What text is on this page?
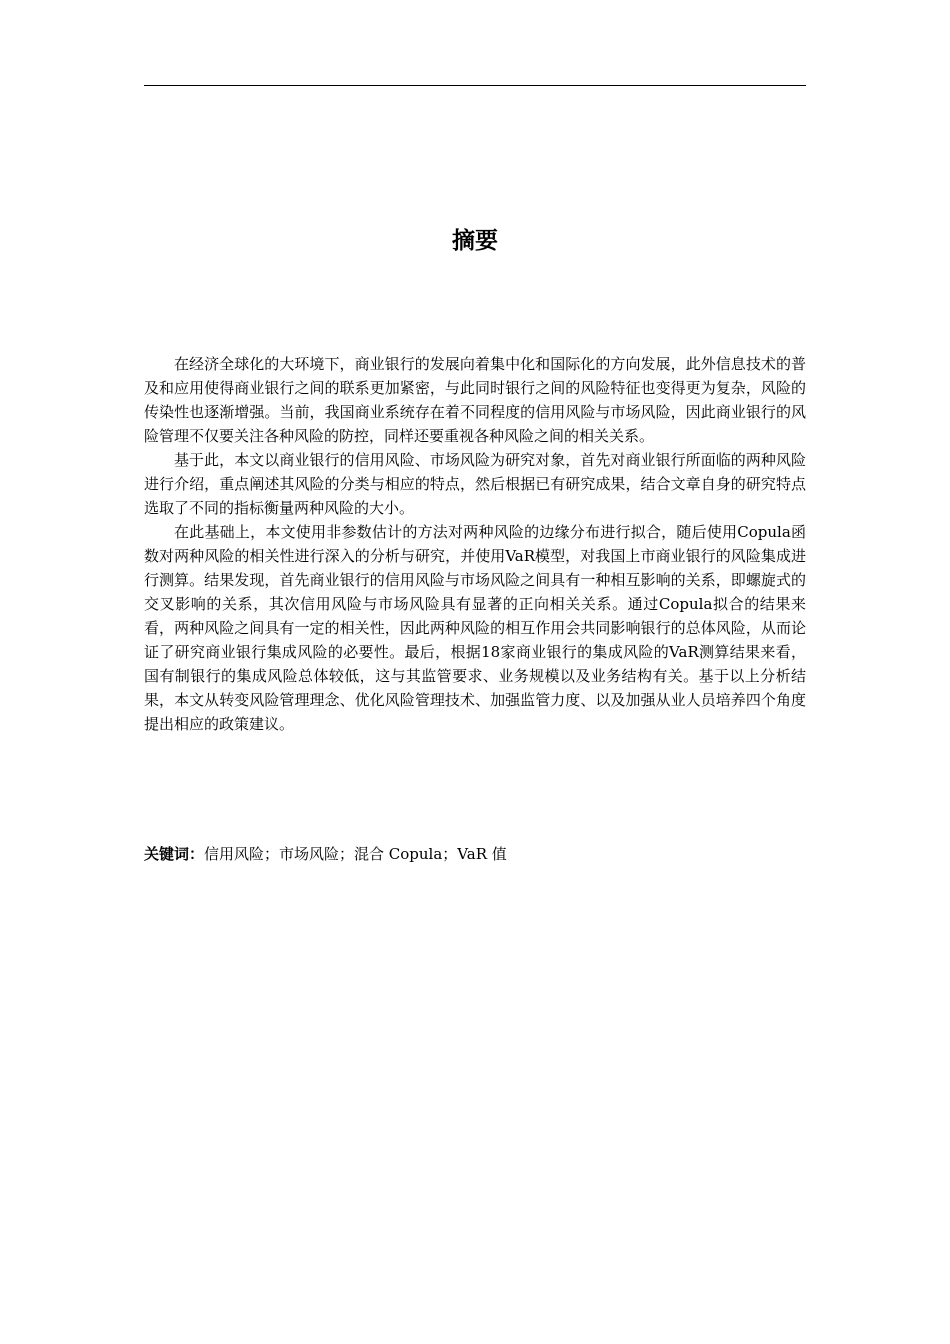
摘要

在经济全球化的大环境下，商业银行的发展向着集中化和国际化的方向发展，此外信息技术的普及和应用使得商业银行之间的联系更加紧密，与此同时银行之间的风险特征也变得更为复杂，风险的传染性也逐渐增强。当前，我国商业系统存在着不同程度的信用风险与市场风险，因此商业银行的风险管理不仅要关注各种风险的防控，同样还要重视各种风险之间的相关关系。

基于此，本文以商业银行的信用风险、市场风险为研究对象，首先对商业银行所面临的两种风险进行介绍，重点阐述其风险的分类与相应的特点，然后根据已有研究成果，结合文章自身的研究特点选取了不同的指标衡量两种风险的大小。

在此基础上，本文使用非参数估计的方法对两种风险的边缘分布进行拟合，随后使用Copula函数对两种风险的相关性进行深入的分析与研究，并使用VaR模型，对我国上市商业银行的风险集成进行测算。结果发现，首先商业银行的信用风险与市场风险之间具有一种相互影响的关系，即螺旋式的交叉影响的关系，其次信用风险与市场风险具有显著的正向相关关系。通过Copula拟合的结果来看，两种风险之间具有一定的相关性，因此两种风险的相互作用会共同影响银行的总体风险，从而论证了研究商业银行集成风险的必要性。最后，根据18家商业银行的集成风险的VaR测算结果来看，国有制银行的集成风险总体较低，这与其监管要求、业务规模以及业务结构有关。基于以上分析结果，本文从转变风险管理理念、优化风险管理技术、加强监管力度、以及加强从业人员培养四个角度提出相应的政策建议。

关键词：信用风险；市场风险；混合 Copula；VaR 值
